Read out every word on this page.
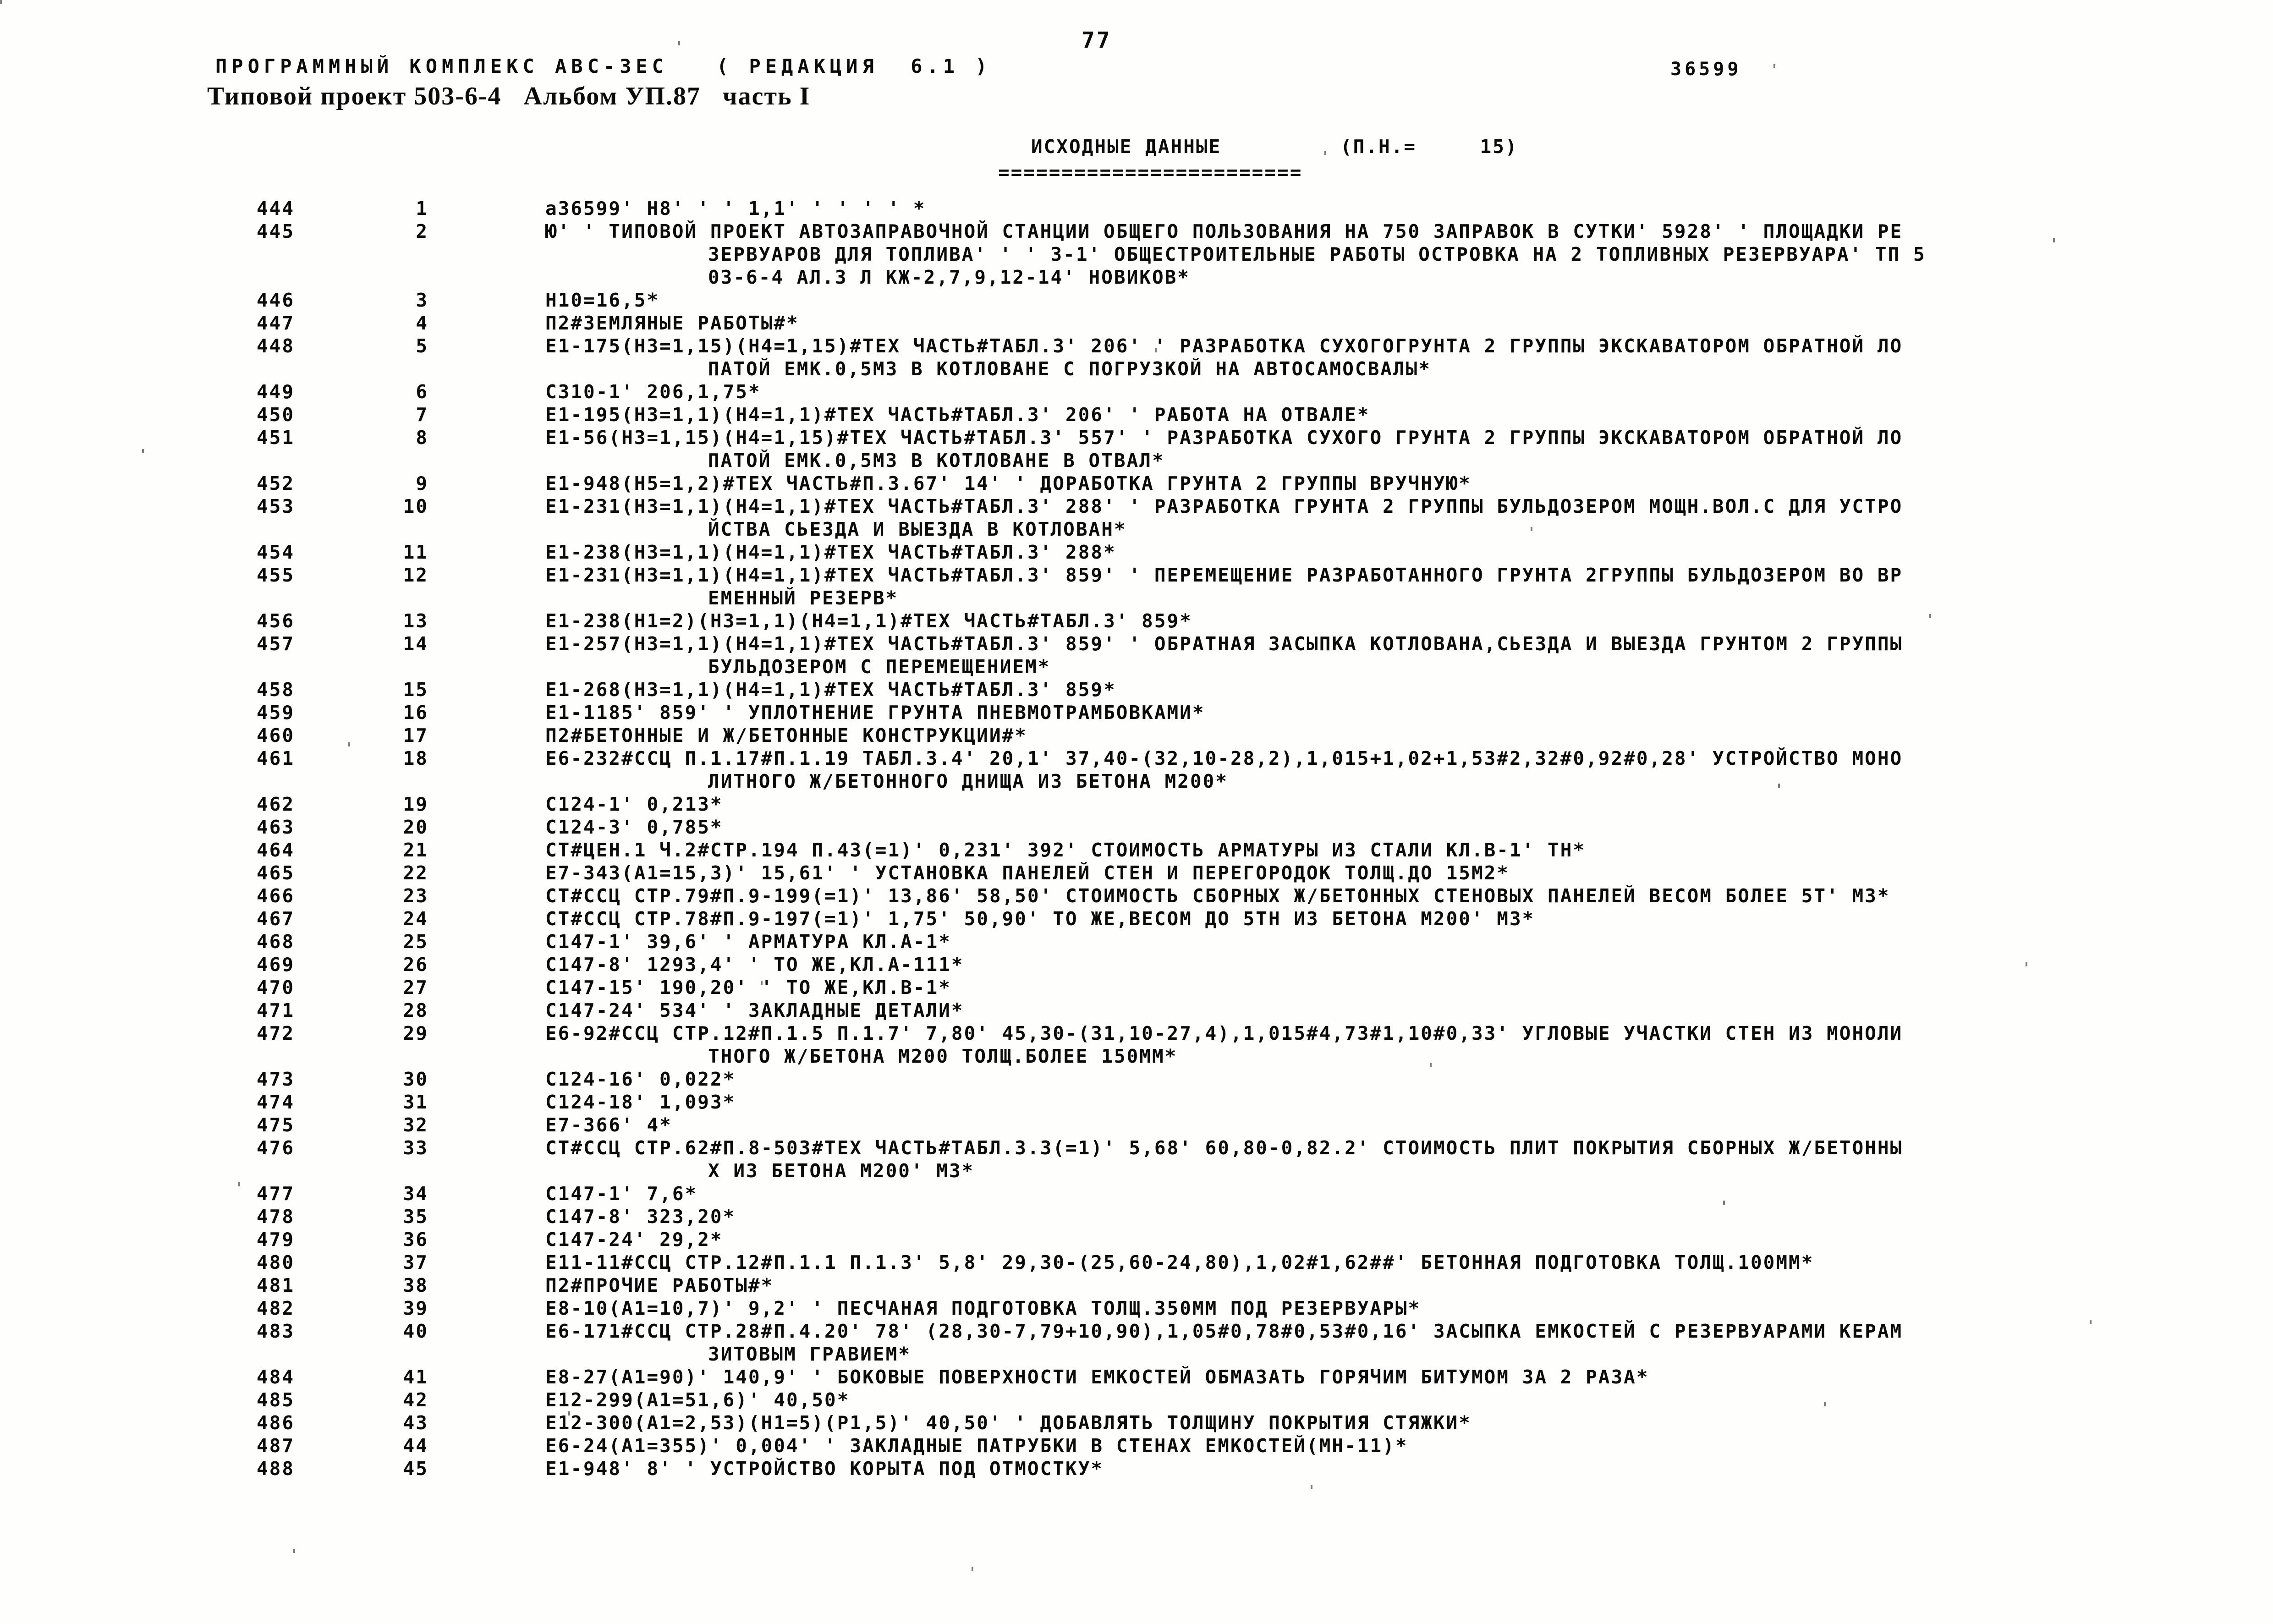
ПРОГРАММНЫЙ КОМПЛЕКС АВС-3ЕС   ( РЕДАКЦИЯ  6.1 )
Типовой проект 503-6-4   Альбом УП.87   часть I
77
36599
ИСХОДНЫЕ ДАННЫЕ	(П.Н.=     15)
========================
444	1	а36599' Н8' ' ' 1,1' ' ' ' ' *
445	2	Ю' ' ТИПОВОЙ ПРОЕКТ АВТОЗАПРАВОЧНОЙ СТАНЦИИ ОБЩЕГО ПОЛЬЗОВАНИЯ НА 750 ЗАПРАВОК В СУТКИ' 5928' ' ПЛОЩАДКИ РЕ
ЗЕРВУАРОВ ДЛЯ ТОПЛИВА' ' ' 3-1' ОБЩЕСТРОИТЕЛЬНЫЕ РАБОТЫ ОСТРОВКА НА 2 ТОПЛИВНЫХ РЕЗЕРВУАРА' ТП 5
03-6-4 АЛ.3 Л КЖ-2,7,9,12-14' НОВИКОВ*
446	3	Н10=16,5*
447	4	П2#ЗЕМЛЯНЫЕ РАБОТЫ#*
448	5	Е1-175(Н3=1,15)(Н4=1,15)#ТЕХ ЧАСТЬ#ТАБЛ.3' 206' ' РАЗРАБОТКА СУХОГОГРУНТА 2 ГРУППЫ ЭКСКАВАТОРОМ ОБРАТНОЙ ЛО
ПАТОЙ ЕМК.0,5М3 В КОТЛОВАНЕ С ПОГРУЗКОЙ НА АВТОСАМОСВАЛЫ*
449	6	С310-1' 206,1,75*
450	7	Е1-195(Н3=1,1)(Н4=1,1)#ТЕХ ЧАСТЬ#ТАБЛ.3' 206' ' РАБОТА НА ОТВАЛЕ*
451	8	Е1-56(Н3=1,15)(Н4=1,15)#ТЕХ ЧАСТЬ#ТАБЛ.3' 557' ' РАЗРАБОТКА СУХОГО ГРУНТА 2 ГРУППЫ ЭКСКАВАТОРОМ ОБРАТНОЙ ЛО
ПАТОЙ ЕМК.0,5М3 В КОТЛОВАНЕ В ОТВАЛ*
452	9	Е1-948(Н5=1,2)#ТЕХ ЧАСТЬ#П.3.67' 14' ' ДОРАБОТКА ГРУНТА 2 ГРУППЫ ВРУЧНУЮ*
453	10	Е1-231(Н3=1,1)(Н4=1,1)#ТЕХ ЧАСТЬ#ТАБЛ.3' 288' ' РАЗРАБОТКА ГРУНТА 2 ГРУППЫ БУЛЬДОЗЕРОМ МОЩН.ВОЛ.С ДЛЯ УСТРО
ЙСТВА СЬЕЗДА И ВЫЕЗДА В КОТЛОВАН*
454	11	Е1-238(Н3=1,1)(Н4=1,1)#ТЕХ ЧАСТЬ#ТАБЛ.3' 288*
455	12	Е1-231(Н3=1,1)(Н4=1,1)#ТЕХ ЧАСТЬ#ТАБЛ.3' 859' ' ПЕРЕМЕЩЕНИЕ РАЗРАБОТАННОГО ГРУНТА 2ГРУППЫ БУЛЬДОЗЕРОМ ВО ВР
ЕМЕННЫЙ РЕЗЕРВ*
456	13	Е1-238(Н1=2)(Н3=1,1)(Н4=1,1)#ТЕХ ЧАСТЬ#ТАБЛ.3' 859*
457	14	Е1-257(Н3=1,1)(Н4=1,1)#ТЕХ ЧАСТЬ#ТАБЛ.3' 859' ' ОБРАТНАЯ ЗАСЫПКА КОТЛОВАНА,СЬЕЗДА И ВЫЕЗДА ГРУНТОМ 2 ГРУППЫ
БУЛЬДОЗЕРОМ С ПЕРЕМЕЩЕНИЕМ*
458	15	Е1-268(Н3=1,1)(Н4=1,1)#ТЕХ ЧАСТЬ#ТАБЛ.3' 859*
459	16	Е1-1185' 859' ' УПЛОТНЕНИЕ ГРУНТА ПНЕВМОТРАМБОВКАМИ*
460	17	П2#БЕТОННЫЕ И Ж/БЕТОННЫЕ КОНСТРУКЦИИ#*
461	18	Е6-232#ССЦ П.1.17#П.1.19 ТАБЛ.3.4' 20,1' 37,40-(32,10-28,2),1,015+1,02+1,53#2,32#0,92#0,28' УСТРОЙСТВО МОНО
ЛИТНОГО Ж/БЕТОННОГО ДНИЩА ИЗ БЕТОНА М200*
462	19	С124-1' 0,213*
463	20	С124-3' 0,785*
464	21	СТ#ЦЕН.1 Ч.2#СТР.194 П.43(=1)' 0,231' 392' СТОИМОСТЬ АРМАТУРЫ ИЗ СТАЛИ КЛ.В-1' ТН*
465	22	Е7-343(А1=15,3)' 15,61' ' УСТАНОВКА ПАНЕЛЕЙ СТЕН И ПЕРЕГОРОДОК ТОЛЩ.ДО 15М2*
466	23	СТ#ССЦ СТР.79#П.9-199(=1)' 13,86' 58,50' СТОИМОСТЬ СБОРНЫХ Ж/БЕТОННЫХ СТЕНОВЫХ ПАНЕЛЕЙ ВЕСОМ БОЛЕЕ 5Т' М3*
467	24	СТ#ССЦ СТР.78#П.9-197(=1)' 1,75' 50,90' ТО ЖЕ,ВЕСОМ ДО 5ТН ИЗ БЕТОНА М200' М3*
468	25	С147-1' 39,6' ' АРМАТУРА КЛ.А-1*
469	26	С147-8' 1293,4' ' ТО ЖЕ,КЛ.А-111*
470	27	С147-15' 190,20' ' ТО ЖЕ,КЛ.В-1*
471	28	С147-24' 534' ' ЗАКЛАДНЫЕ ДЕТАЛИ*
472	29	Е6-92#ССЦ СТР.12#П.1.5 П.1.7' 7,80' 45,30-(31,10-27,4),1,015#4,73#1,10#0,33' УГЛОВЫЕ УЧАСТКИ СТЕН ИЗ МОНОЛИ
ТНОГО Ж/БЕТОНА М200 ТОЛЩ.БОЛЕЕ 150ММ*
473	30	С124-16' 0,022*
474	31	С124-18' 1,093*
475	32	Е7-366' 4*
476	33	СТ#ССЦ СТР.62#П.8-503#ТЕХ ЧАСТЬ#ТАБЛ.3.3(=1)' 5,68' 60,80-0,82.2' СТОИМОСТЬ ПЛИТ ПОКРЫТИЯ СБОРНЫХ Ж/БЕТОННЫ
Х ИЗ БЕТОНА М200' М3*
477	34	С147-1' 7,6*
478	35	С147-8' 323,20*
479	36	С147-24' 29,2*
480	37	Е11-11#ССЦ СТР.12#П.1.1 П.1.3' 5,8' 29,30-(25,60-24,80),1,02#1,62##' БЕТОННАЯ ПОДГОТОВКА ТОЛЩ.100ММ*
481	38	П2#ПРОЧИЕ РАБОТЫ#*
482	39	Е8-10(А1=10,7)' 9,2' ' ПЕСЧАНАЯ ПОДГОТОВКА ТОЛЩ.350ММ ПОД РЕЗЕРВУАРЫ*
483	40	Е6-171#ССЦ СТР.28#П.4.20' 78' (28,30-7,79+10,90),1,05#0,78#0,53#0,16' ЗАСЫПКА ЕМКОСТЕЙ С РЕЗЕРВУАРАМИ КЕРАМ
ЗИТОВЫМ ГРАВИЕМ*
484	41	Е8-27(А1=90)' 140,9' ' БОКОВЫЕ ПОВЕРХНОСТИ ЕМКОСТЕЙ ОБМАЗАТЬ ГОРЯЧИМ БИТУМОМ ЗА 2 РАЗА*
485	42	Е12-299(А1=51,6)' 40,50*
486	43	Е12-300(А1=2,53)(Н1=5)(Р1,5)' 40,50' ' ДОБАВЛЯТЬ ТОЛЩИНУ ПОКРЫТИЯ СТЯЖКИ*
487	44	Е6-24(А1=355)' 0,004' ' ЗАКЛАДНЫЕ ПАТРУБКИ В СТЕНАХ ЕМКОСТЕЙ(МН-11)*
488	45	Е1-948' 8' ' УСТРОЙСТВО КОРЫТА ПОД ОТМОСТКУ*
